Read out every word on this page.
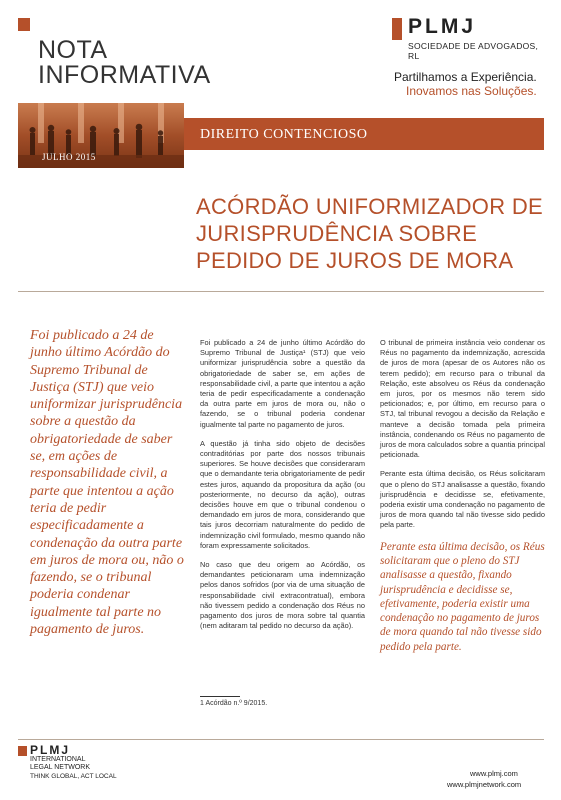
NOTA
INFORMATIVA
PLMJ
SOCIEDADE DE ADVOGADOS, RL
Partilhamos a Experiência.
Inovamos nas Soluções.
DIREITO CONTENCIOSO
JULHO 2015
ACÓRDÃO UNIFORMIZADOR DE JURISPRUDÊNCIA SOBRE PEDIDO DE JUROS DE MORA
Foi publicado a 24 de junho último Acórdão do Supremo Tribunal de Justiça (STJ) que veio uniformizar jurisprudência sobre a questão da obrigatoriedade de saber se, em ações de responsabilidade civil, a parte que intentou a ação teria de pedir especificadamente a condenação da outra parte em juros de mora ou, não o fazendo, se o tribunal poderia condenar igualmente tal parte no pagamento de juros.

Foi publicado a 24 de junho último Acórdão do Supremo Tribunal de Justiça¹ (STJ) que veio uniformizar jurisprudência sobre a questão da obrigatoriedade de saber se, em ações de responsabilidade civil, a parte que intentou a ação teria de pedir especificadamente a condenação da outra parte em juros de mora ou, não o fazendo, se o tribunal poderia condenar igualmente tal parte no pagamento de juros.

A questão já tinha sido objeto de decisões contraditórias por parte dos nossos tribunais superiores. Se houve decisões que consideraram que o demandante teria obrigatoriamente de pedir estes juros, aquando da propositura da ação (ou posteriormente, no decurso da ação), outras decisões houve em que o tribunal condenou o demandado em juros de mora, considerando que tais juros decorriam naturalmente do pedido de indemnização civil formulado, mesmo quando não foram expressamente solicitados.

No caso que deu origem ao Acórdão, os demandantes peticionaram uma indemnização pelos danos sofridos (por via de uma situação de responsabilidade civil extracontratual), embora não tivessem pedido a condenação dos Réus no pagamento dos juros de mora sobre tal quantia (nem aditaram tal pedido no decurso da ação).

O tribunal de primeira instância veio condenar os Réus no pagamento da indemnização, acrescida de juros de mora (apesar de os Autores não os terem pedido); em recurso para o tribunal da Relação, este absolveu os Réus da condenação em juros, por os mesmos não terem sido peticionados; e, por último, em recurso para o STJ, tal tribunal revogou a decisão da Relação e manteve a decisão tomada pela primeira instância, condenando os Réus no pagamento de juros de mora calculados sobre a quantia principal peticionada.

Perante esta última decisão, os Réus solicitaram que o pleno do STJ analisasse a questão, fixando jurisprudência e decidisse se, efetivamente, poderia existir uma condenação no pagamento de juros de mora quando tal não tivesse sido pedido pela parte.

Perante esta última decisão, os Réus solicitaram que o pleno do STJ analisasse a questão, fixando jurisprudência e decidisse se, efetivamente, poderia existir uma condenação no pagamento de juros de mora quando tal não tivesse sido pedido pela parte.
1 Acórdão n.º 9/2015.
PLMJ
INTERNATIONAL
LEGAL NETWORK
THINK GLOBAL, ACT LOCAL	www.plmj.com
www.plmjnetwork.com
